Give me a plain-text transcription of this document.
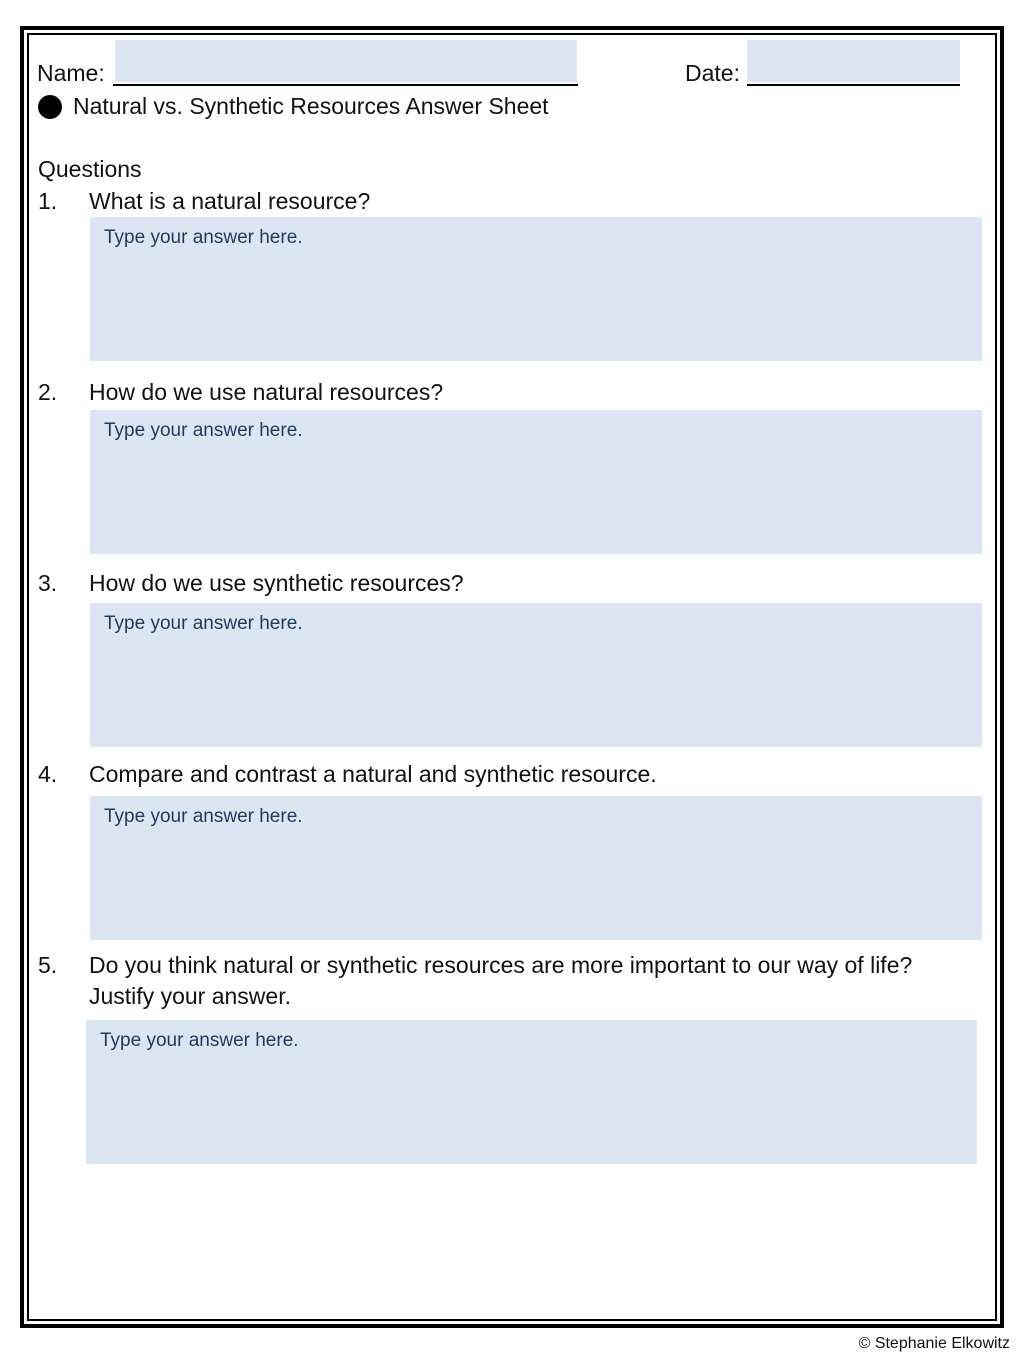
Name:	Date:
Natural vs. Synthetic Resources Answer Sheet
Questions
1. What is a natural resource?
Type your answer here.
2. How do we use natural resources?
Type your answer here.
3. How do we use synthetic resources?
Type your answer here.
4. Compare and contrast a natural and synthetic resource.
Type your answer here.
5. Do you think natural or synthetic resources are more important to our way of life? Justify your answer.
Type your answer here.
© Stephanie Elkowitz
